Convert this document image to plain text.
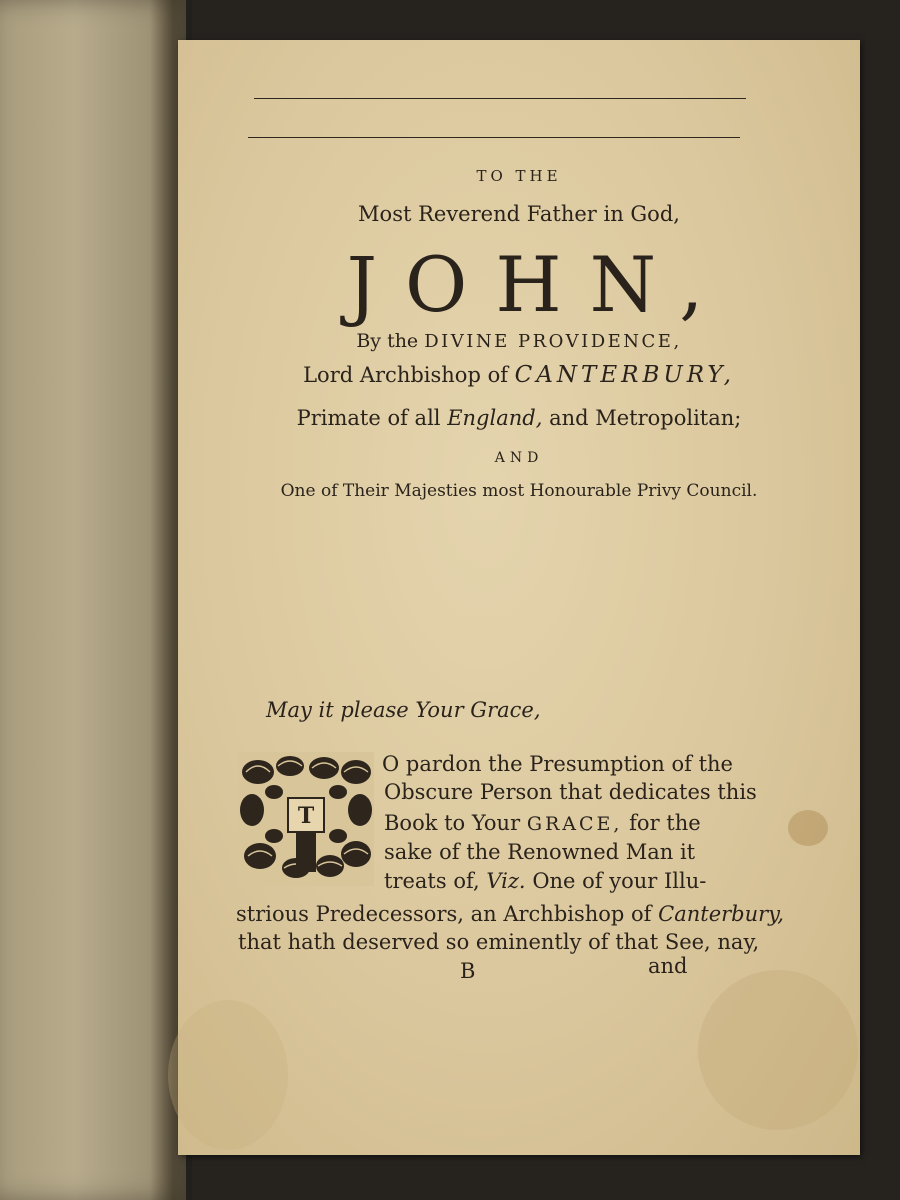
TO THE
Most Reverend Father in God,
JOHN,
By the DIVINE PROVIDENCE,
Lord Archbishop of CANTERBURY,
Primate of all England, and Metropolitan;
AND
One of Their Majesties most Honourable Privy Council.
May it please Your Grace,
T
O pardon the Presumption of the
Obscure Person that dedicates this
Book to Your GRACE, for the
sake of the Renowned Man it
treats of, Viz. One of your Illu-
strious Predecessors, an Archbishop of Canterbury,
that hath deserved so eminently of that See, nay,
B	and
